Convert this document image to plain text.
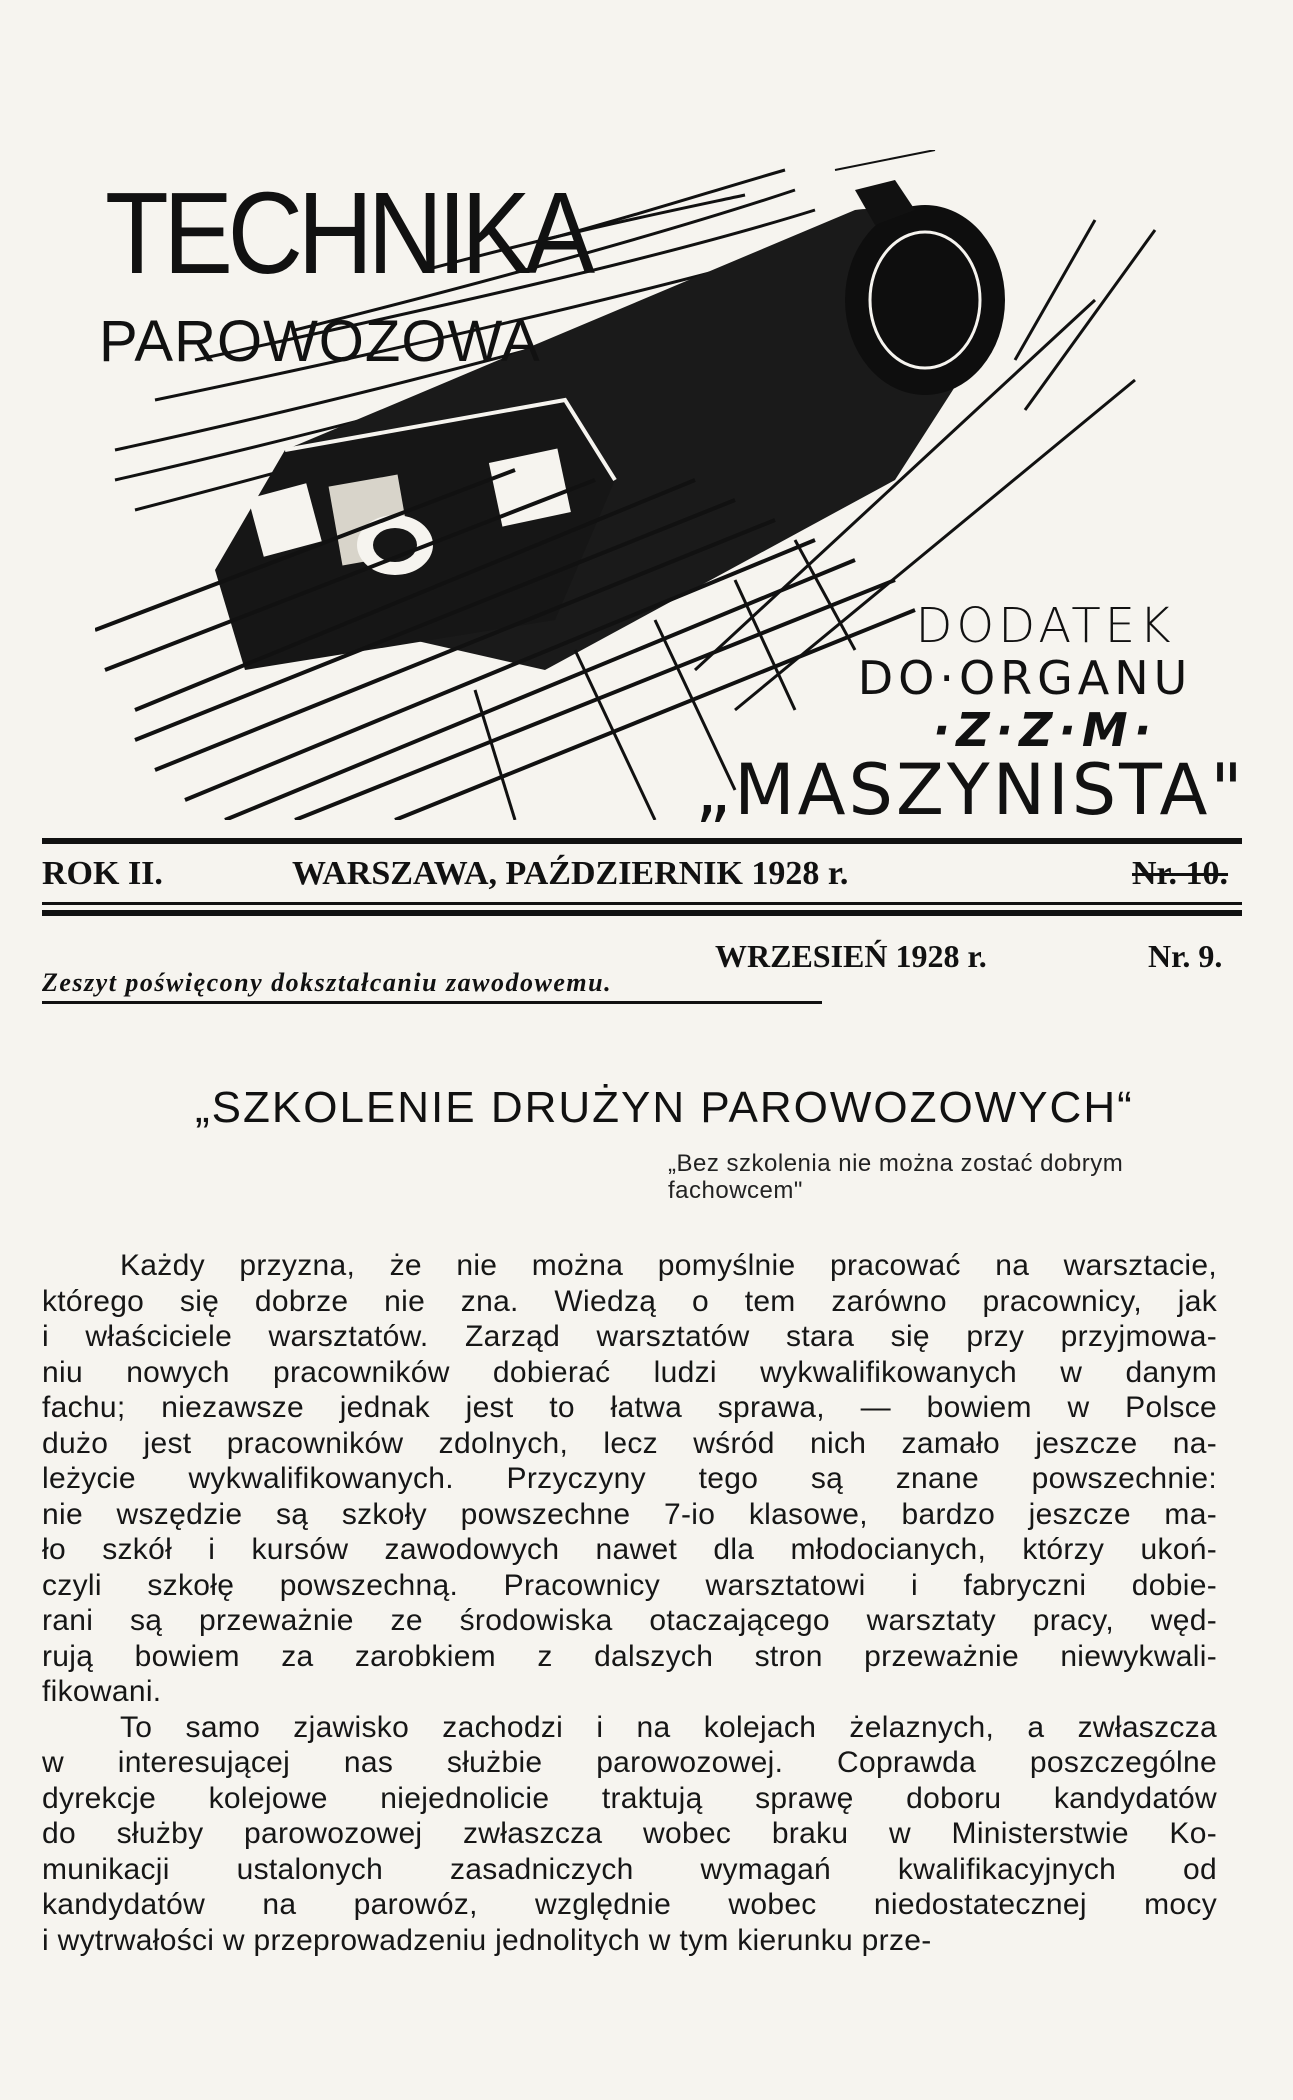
TECHNIKA
PAROWOZOWA
DODATEK
DO·ORGANU
·Z·Z·M·
„MASZYNISTA"
ROK II.	WARSZAWA, PAŹDZIERNIK 1928 r.	Nr. 10.
WRZESIEŃ 1928 r.	Nr. 9.
Zeszyt poświęcony dokształcaniu zawodowemu.
„SZKOLENIE DRUŻYN PAROWOZOWYCH“
„Bez szkolenia nie można zostać dobrym fachowcem"

Każdy przyzna, że nie można pomyślnie pracować na warsztacie,
którego się dobrze nie zna. Wiedzą o tem zarówno pracownicy, jak
i właściciele warsztatów. Zarząd warsztatów stara się przy przyjmowa-
niu nowych pracowników dobierać ludzi wykwalifikowanych w danym
fachu; niezawsze jednak jest to łatwa sprawa, — bowiem w Polsce
dużo jest pracowników zdolnych, lecz wśród nich zamało jeszcze na-
leżycie wykwalifikowanych. Przyczyny tego są znane powszechnie:
nie wszędzie są szkoły powszechne 7-io klasowe, bardzo jeszcze ma-
ło szkół i kursów zawodowych nawet dla młodocianych, którzy ukoń-
czyli szkołę powszechną. Pracownicy warsztatowi i fabryczni dobie-
rani są przeważnie ze środowiska otaczającego warsztaty pracy, węd-
rują bowiem za zarobkiem z dalszych stron przeważnie niewykwali-
fikowani.

To samo zjawisko zachodzi i na kolejach żelaznych, a zwłaszcza
w interesującej nas służbie parowozowej. Coprawda poszczególne
dyrekcje kolejowe niejednolicie traktują sprawę doboru kandydatów
do służby parowozowej zwłaszcza wobec braku w Ministerstwie Ko-
munikacji ustalonych zasadniczych wymagań kwalifikacyjnych od
kandydatów na parowóz, względnie wobec niedostatecznej mocy
i wytrwałości w przeprowadzeniu jednolitych w tym kierunku prze-
